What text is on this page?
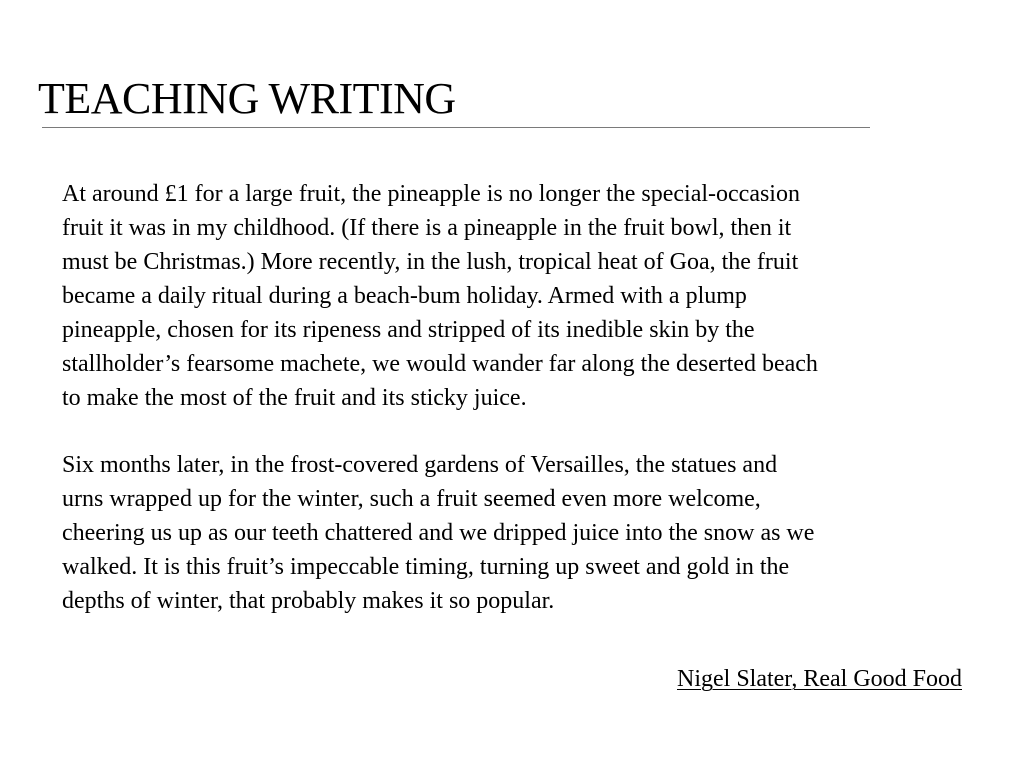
TEACHING WRITING

At around £1 for a large fruit, the pineapple is no longer the special-occasion
fruit it was in my childhood. (If there is a pineapple in the fruit bowl, then it
must be Christmas.) More recently, in the lush, tropical heat of Goa, the fruit
became a daily ritual during a beach-bum holiday. Armed with a plump
pineapple, chosen for its ripeness and stripped of its inedible skin by the
stallholder’s fearsome machete, we would wander far along the deserted beach
to make the most of the fruit and its sticky juice.

Six months later, in the frost-covered gardens of Versailles, the statues and
urns wrapped up for the winter, such a fruit seemed even more welcome,
cheering us up as our teeth chattered and we dripped juice into the snow as we
walked. It is this fruit’s impeccable timing, turning up sweet and gold in the
depths of winter, that probably makes it so popular.

Nigel Slater, Real Good Food
